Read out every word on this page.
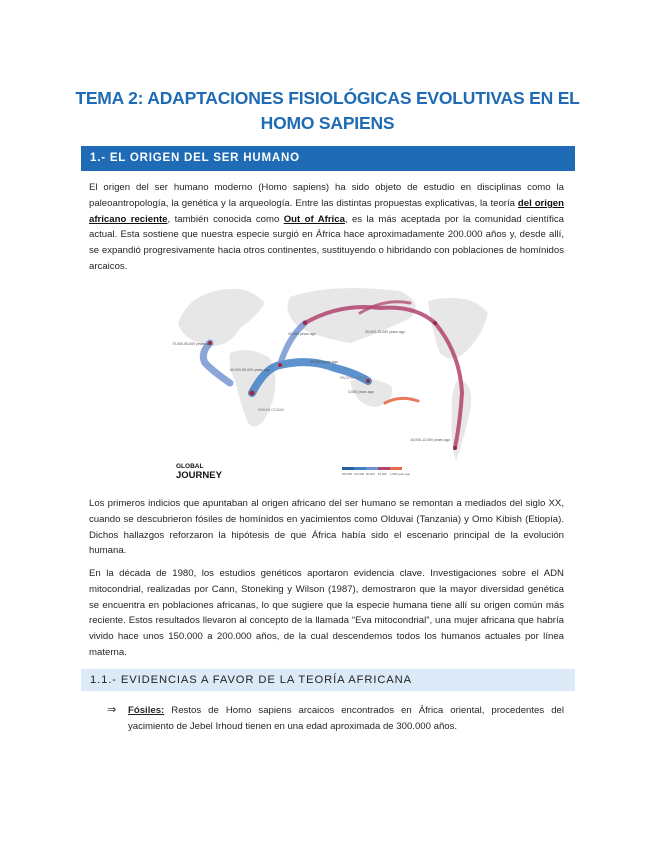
TEMA 2: ADAPTACIONES FISIOLÓGICAS EVOLUTIVAS EN EL
HOMO SAPIENS
1.- EL ORIGEN DEL SER HUMANO

El origen del ser humano moderno (Homo sapiens) ha sido objeto de estudio en disciplinas como la paleoantropología, la genética y la arqueología. Entre las distintas propuestas explicativas, la teoría del origen africano reciente, también conocida como Out of Africa, es la más aceptada por la comunidad científica actual. Esta sostiene que nuestra especie surgió en África hace aproximadamente 200.000 años y, desde allí, se expandió progresivamente hacia otros continentes, sustituyendo o hibridando con poblaciones de homínidos arcaicos.

60,000-50,000 years ago
40,000 years ago
70,000-50,000 years ago
45,000 years ago
25,000-15,000 years ago
3,000 years ago
15,000-12,000 years ago
PACIFIC OCEAN
INDIAN OCEAN
GLOBAL
JOURNEY	200,000 100,000 50,000 15,000 1,000 years ago

Los primeros indicios que apuntaban al origen africano del ser humano se remontan a mediados del siglo XX, cuando se descubrieron fósiles de homínidos en yacimientos como Olduvai (Tanzania) y Omo Kibish (Etiopía). Dichos hallazgos reforzaron la hipótesis de que África había sido el escenario principal de la evolución humana.

En la década de 1980, los estudios genéticos aportaron evidencia clave. Investigaciones sobre el ADN mitocondrial, realizadas por Cann, Stoneking y Wilson (1987), demostraron que la mayor diversidad genética se encuentra en poblaciones africanas, lo que sugiere que la especie humana tiene allí su origen común más reciente. Estos resultados llevaron al concepto de la llamada “Eva mitocondrial”, una mujer africana que habría vivido hace unos 150.000 a 200.000 años, de la cual descendemos todos los humanos actuales por línea materna.

1.1.- EVIDENCIAS A FAVOR DE LA TEORÍA AFRICANA
⇒ Fósiles: Restos de Homo sapiens arcaicos encontrados en África oriental, procedentes del yacimiento de Jebel Irhoud tienen en una edad aproximada de 300.000 años.
